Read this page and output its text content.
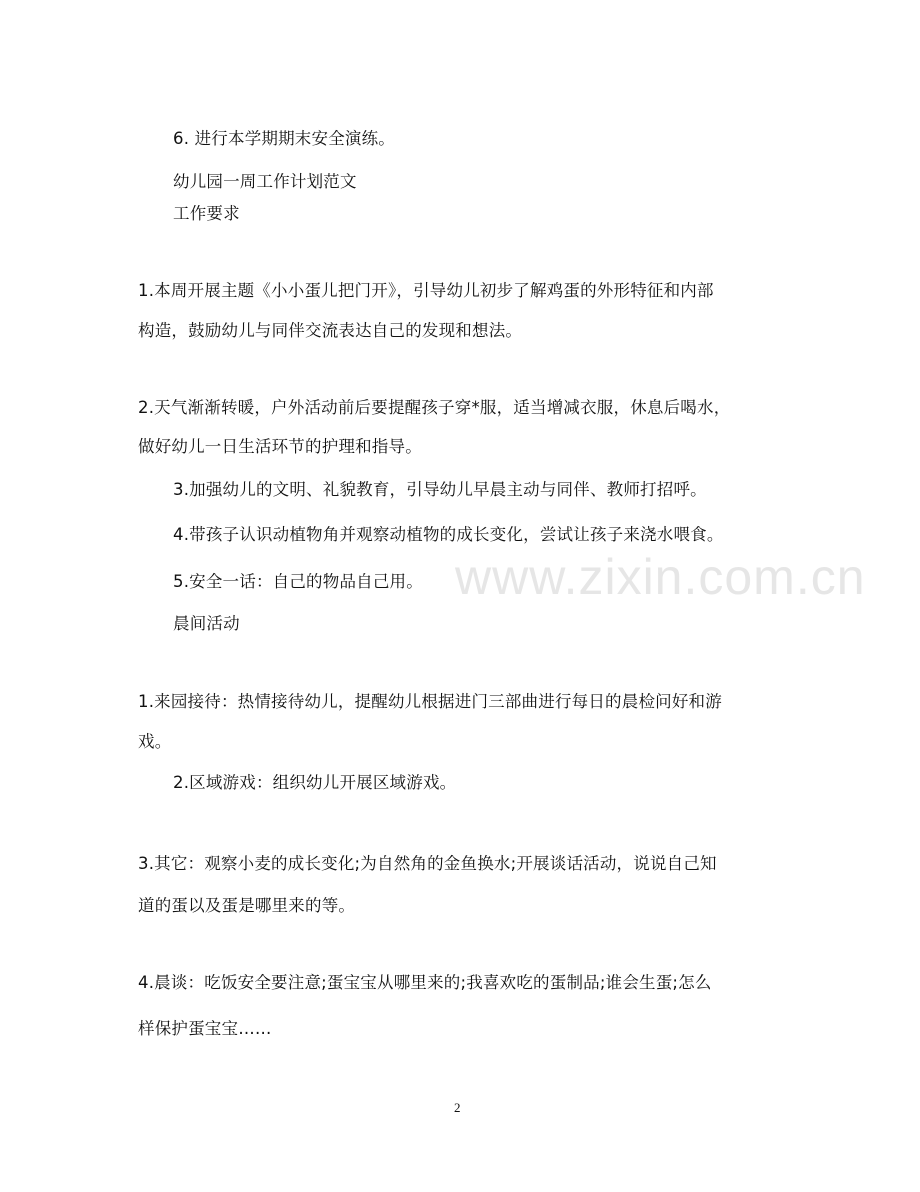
www.zixin.com.cn
6. 进行本学期期末安全演练。
幼儿园一周工作计划范文
工作要求
1.本周开展主题《小小蛋儿把门开》，引导幼儿初步了解鸡蛋的外形特征和内部
构造，鼓励幼儿与同伴交流表达自己的发现和想法。
2.天气渐渐转暖，户外活动前后要提醒孩子穿*服，适当增减衣服，休息后喝水，
做好幼儿一日生活环节的护理和指导。
3.加强幼儿的文明、礼貌教育，引导幼儿早晨主动与同伴、教师打招呼。
4.带孩子认识动植物角并观察动植物的成长变化，尝试让孩子来浇水喂食。
5.安全一话：自己的物品自己用。
晨间活动
1.来园接待：热情接待幼儿，提醒幼儿根据进门三部曲进行每日的晨检问好和游
戏。
2.区域游戏：组织幼儿开展区域游戏。
3.其它：观察小麦的成长变化;为自然角的金鱼换水;开展谈话活动，说说自己知
道的蛋以及蛋是哪里来的等。
4.晨谈：吃饭安全要注意;蛋宝宝从哪里来的;我喜欢吃的蛋制品;谁会生蛋;怎么
样保护蛋宝宝……
2
